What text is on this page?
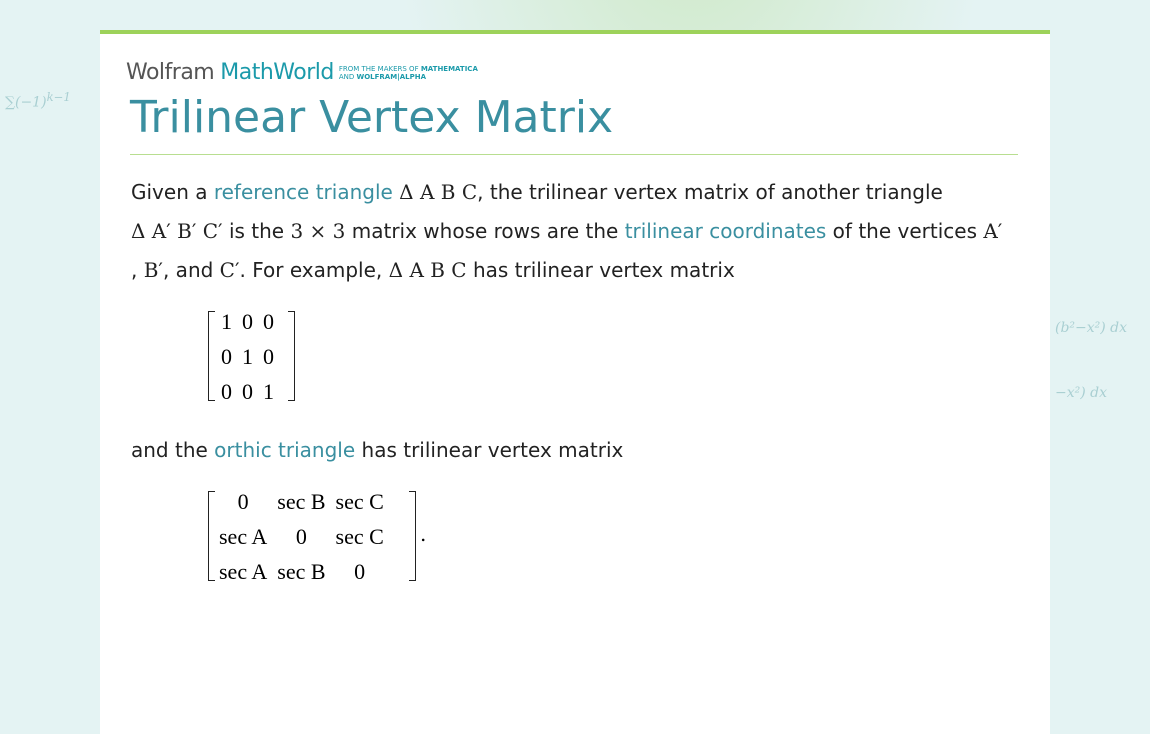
$\sum(-1)^{k-1}$
(b²−x²) dx
−x²) dx
Wolfram MathWorld FROM THE MAKERS OF MATHEMATICA
AND WOLFRAM|ALPHA
Trilinear Vertex Matrix
Given a reference triangle Δ A B C, the trilinear vertex matrix of another triangle
Δ A′ B′ C′ is the 3 × 3 matrix whose rows are the trilinear coordinates of the vertices A′
, B′, and C′. For example, Δ A B C has trilinear vertex matrix
1	0	0
0	1	0
0	0	1
and the orthic triangle has trilinear vertex matrix
0	sec B	sec C
sec A	0	sec C
sec A	sec B	0
.
